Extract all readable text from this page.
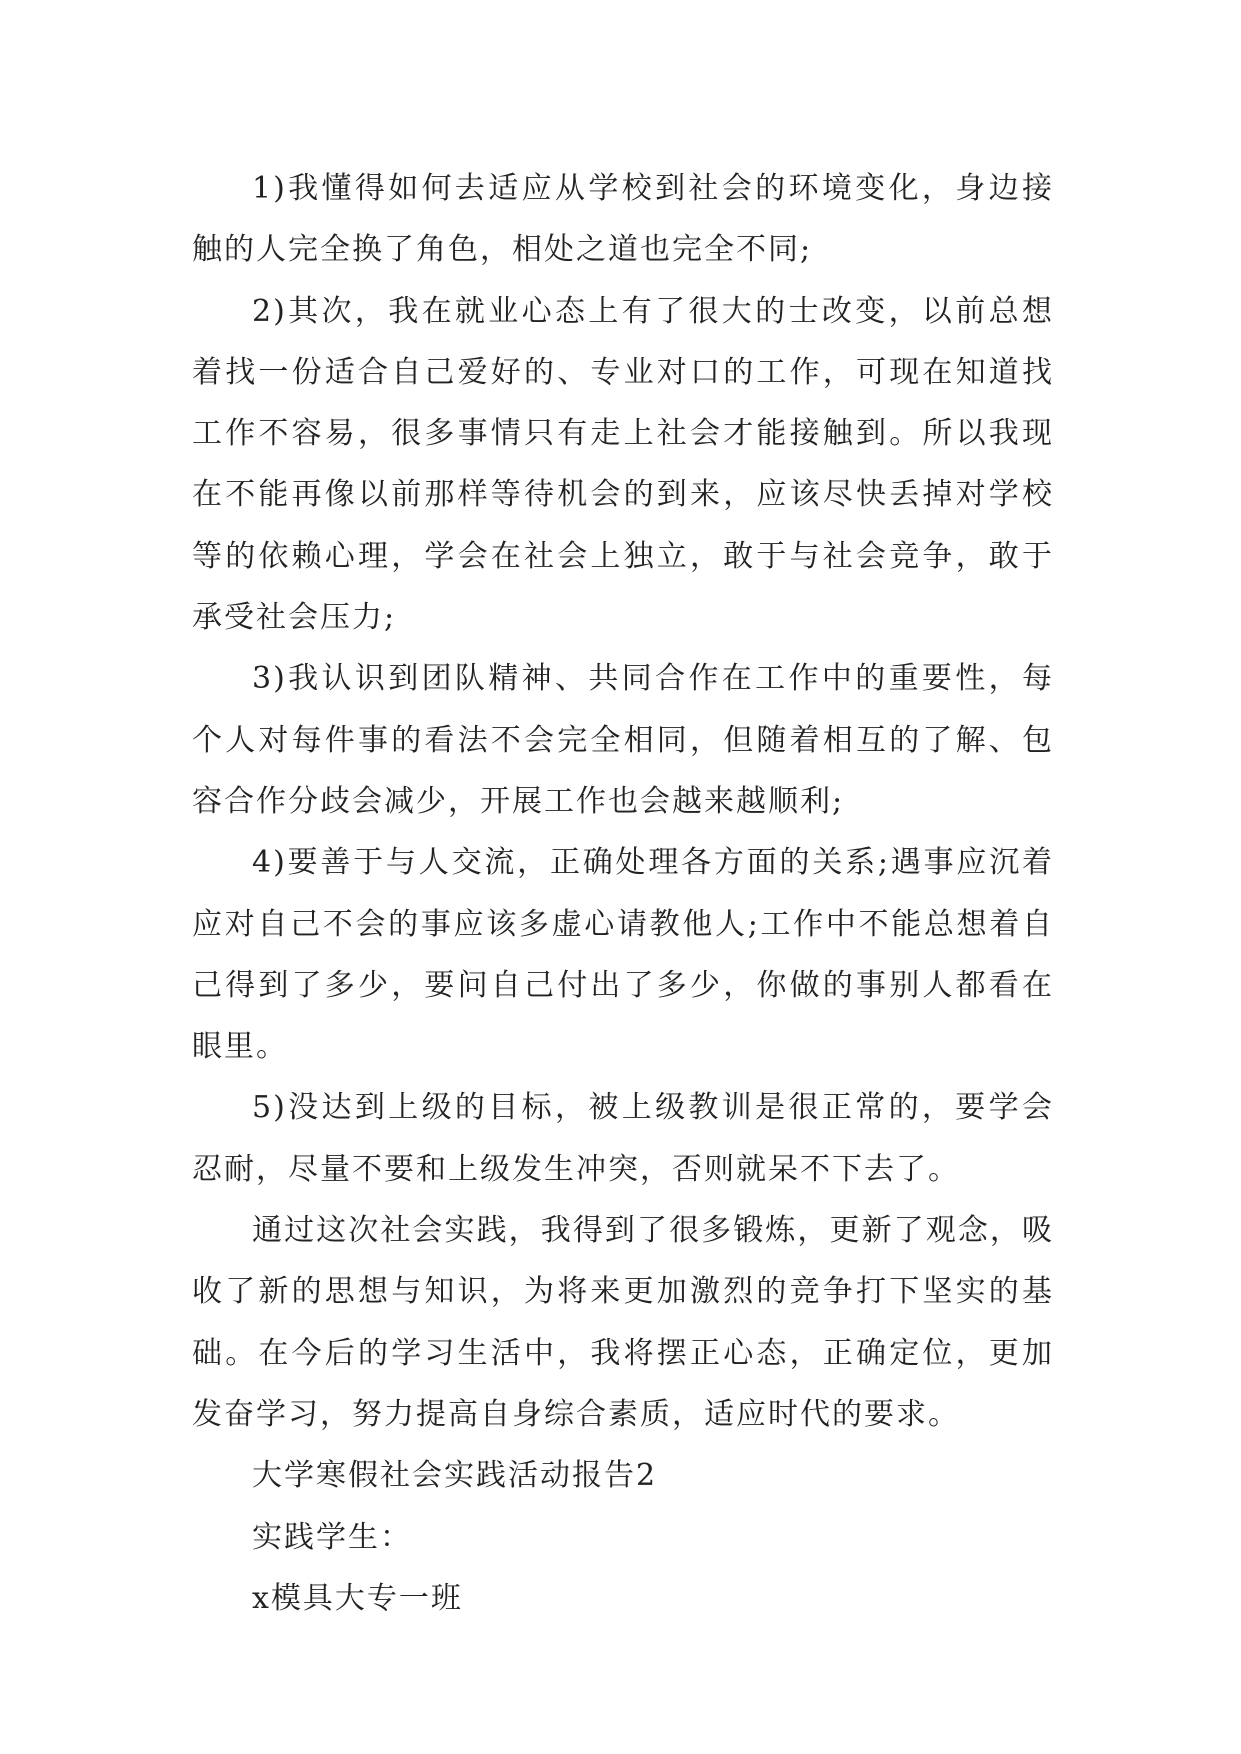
1)我懂得如何去适应从学校到社会的环境变化，身边接触的人完全换了角色，相处之道也完全不同;

2)其次，我在就业心态上有了很大的士改变，以前总想着找一份适合自己爱好的、专业对口的工作，可现在知道找工作不容易，很多事情只有走上社会才能接触到。所以我现在不能再像以前那样等待机会的到来，应该尽快丢掉对学校等的依赖心理，学会在社会上独立，敢于与社会竞争，敢于承受社会压力;

3)我认识到团队精神、共同合作在工作中的重要性，每个人对每件事的看法不会完全相同，但随着相互的了解、包容合作分歧会减少，开展工作也会越来越顺利;

4)要善于与人交流，正确处理各方面的关系;遇事应沉着应对自己不会的事应该多虚心请教他人;工作中不能总想着自己得到了多少，要问自己付出了多少，你做的事别人都看在眼里。

5)没达到上级的目标，被上级教训是很正常的，要学会忍耐，尽量不要和上级发生冲突，否则就呆不下去了。

通过这次社会实践，我得到了很多锻炼，更新了观念，吸收了新的思想与知识，为将来更加激烈的竞争打下坚实的基础。在今后的学习生活中，我将摆正心态，正确定位，更加发奋学习，努力提高自身综合素质，适应时代的要求。

大学寒假社会实践活动报告2

实践学生：

x模具大专一班
